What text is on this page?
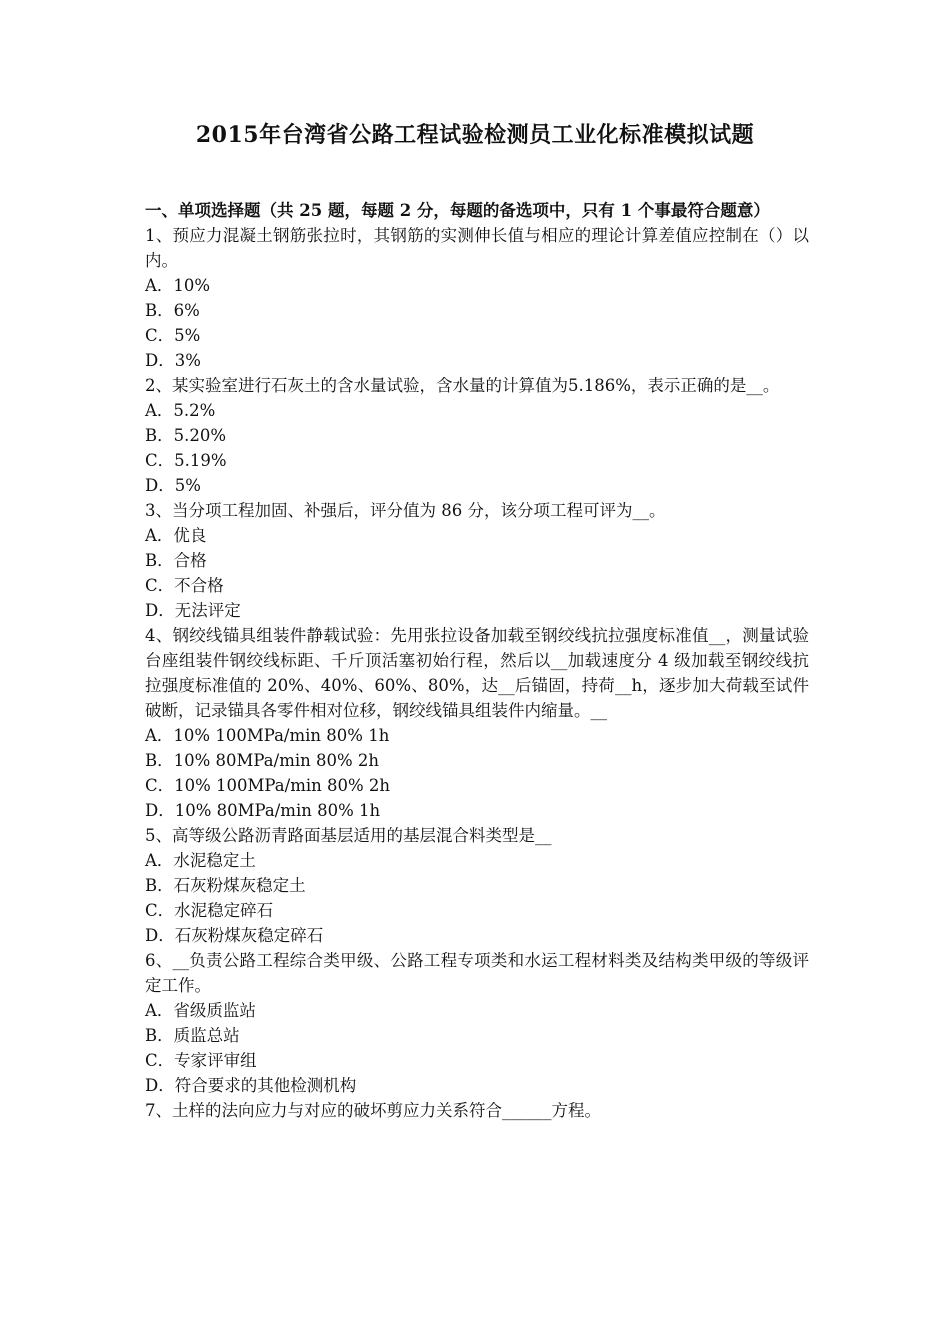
2015年台湾省公路工程试验检测员工业化标准模拟试题

一、单项选择题（共 25 题，每题 2 分，每题的备选项中，只有 1 个事最符合题意）

1、预应力混凝土钢筋张拉时，其钢筋的实测伸长值与相应的理论计算差值应控制在（）以内。

A．10%

B．6%

C．5%

D．3%

2、某实验室进行石灰土的含水量试验，含水量的计算值为5.186%，表示正确的是__。

A．5.2%

B．5.20%

C．5.19%

D．5%

3、当分项工程加固、补强后，评分值为 86 分，该分项工程可评为__。

A．优良

B．合格

C．不合格

D．无法评定

4、钢绞线锚具组装件静载试验：先用张拉设备加载至钢绞线抗拉强度标准值__，测量试验台座组装件钢绞线标距、千斤顶活塞初始行程，然后以__加载速度分 4 级加载至钢绞线抗拉强度标准值的 20%、40%、60%、80%，达__后锚固，持荷__h，逐步加大荷载至试件破断，记录锚具各零件相对位移，钢绞线锚具组装件内缩量。__

A．10% 100MPa/min 80% 1h

B．10% 80MPa/min 80% 2h

C．10% 100MPa/min 80% 2h

D．10% 80MPa/min 80% 1h

5、高等级公路沥青路面基层适用的基层混合料类型是__

A．水泥稳定土

B．石灰粉煤灰稳定土

C．水泥稳定碎石

D．石灰粉煤灰稳定碎石

6、__负责公路工程综合类甲级、公路工程专项类和水运工程材料类及结构类甲级的等级评定工作。

A．省级质监站

B．质监总站

C．专家评审组

D．符合要求的其他检测机构

7、土样的法向应力与对应的破坏剪应力关系符合______方程。
